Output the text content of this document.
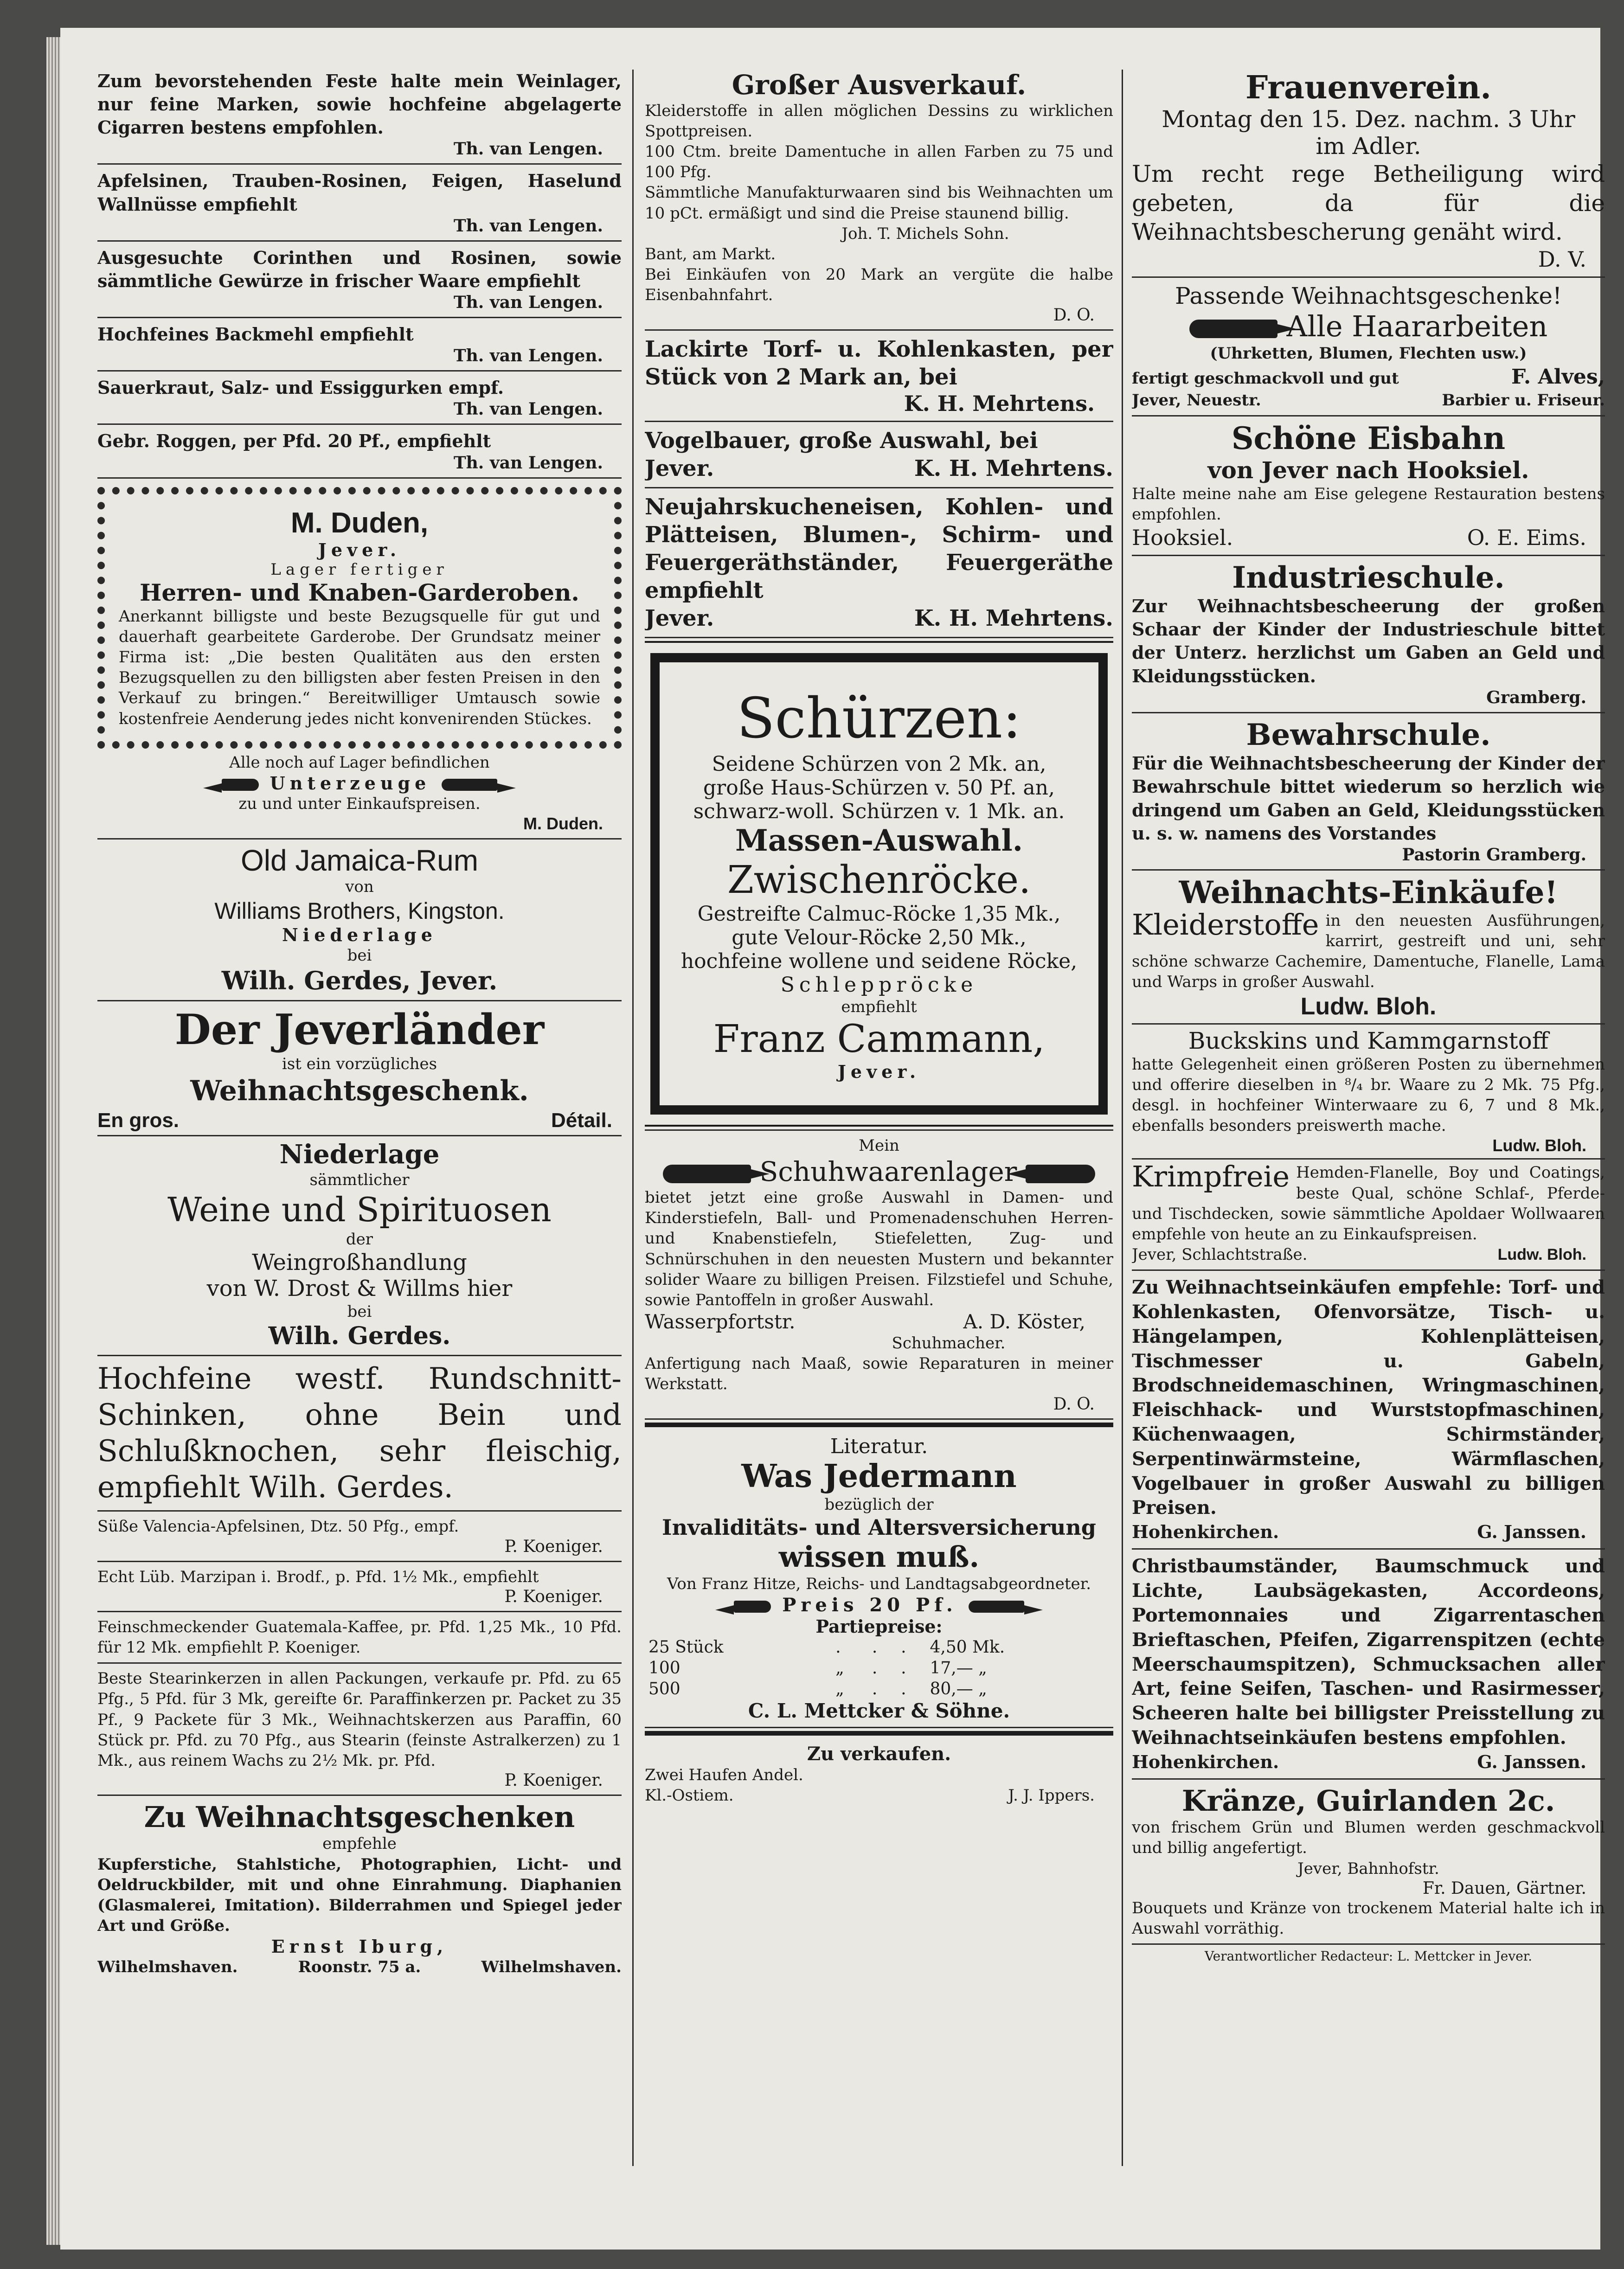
Zum bevorstehenden Feste halte mein Weinlager, nur feine Marken, sowie hochfeine abgelagerte Cigarren bestens empfohlen.

Th. van Lengen.

Apfelsinen, Trauben-Rosinen, Feigen, Haselund Wallnüsse empfiehlt

Th. van Lengen.

Ausgesuchte Corinthen und Rosinen, sowie sämmtliche Gewürze in frischer Waare empfiehlt

Th. van Lengen.

Hochfeines Backmehl empfiehlt

Th. van Lengen.

Sauerkraut, Salz- und Essiggurken empf.

Th. van Lengen.

Gebr. Roggen, per Pfd. 20 Pf., empfiehlt

Th. van Lengen.

M. Duden,

Jever.

Lager fertiger

Herren- und Knaben-Garderoben.

Anerkannt billigste und beste Bezugsquelle für gut und dauerhaft gearbeitete Garderobe. Der Grundsatz meiner Firma ist: „Die besten Qualitäten aus den ersten Bezugsquellen zu den billigsten aber festen Preisen in den Verkauf zu bringen.“ Bereitwilliger Umtausch sowie kostenfreie Aenderung jedes nicht konvenirenden Stückes.

Alle noch auf Lager befindlichen

Unterzeuge

zu und unter Einkaufspreisen.

M. Duden.

Old Jamaica-Rum

von

Williams Brothers, Kingston.

Niederlage

bei

Wilh. Gerdes, Jever.

Der Jeverländer

ist ein vorzügliches

Weihnachtsgeschenk.

En gros.	Détail.

Niederlage

sämmtlicher

Weine und Spirituosen

der

Weingroßhandlung

von W. Drost & Willms hier

bei

Wilh. Gerdes.

Hochfeine westf. Rundschnitt-Schinken, ohne Bein und Schlußknochen, sehr fleischig, empfiehlt Wilh. Gerdes.

Süße Valencia-Apfelsinen, Dtz. 50 Pfg., empf.

P. Koeniger.

Echt Lüb. Marzipan i. Brodf., p. Pfd. 1½ Mk., empfiehlt

P. Koeniger.

Feinschmeckender Guatemala-Kaffee, pr. Pfd. 1,25 Mk., 10 Pfd. für 12 Mk. empfiehlt P. Koeniger.

Beste Stearinkerzen in allen Packungen, verkaufe pr. Pfd. zu 65 Pfg., 5 Pfd. für 3 Mk, gereifte 6r. Paraffinkerzen pr. Packet zu 35 Pf., 9 Packete für 3 Mk., Weihnachtskerzen aus Paraffin, 60 Stück pr. Pfd. zu 70 Pfg., aus Stearin (feinste Astralkerzen) zu 1 Mk., aus reinem Wachs zu 2½ Mk. pr. Pfd.

P. Koeniger.

Zu Weihnachtsgeschenken

empfehle

Kupferstiche, Stahlstiche, Photographien, Licht- und Oeldruckbilder, mit und ohne Einrahmung. Diaphanien (Glasmalerei, Imitation). Bilderrahmen und Spiegel jeder Art und Größe.

Ernst Iburg,

Wilhelmshaven.	Roonstr. 75 a.	Wilhelmshaven.

Großer Ausverkauf.

Kleiderstoffe in allen möglichen Dessins zu wirklichen Spottpreisen.

100 Ctm. breite Damentuche in allen Farben zu 75 und 100 Pfg.

Sämmtliche Manufakturwaaren sind bis Weihnachten um 10 pCt. ermäßigt und sind die Preise staunend billig.

Joh. T. Michels Sohn.

Bant, am Markt.

Bei Einkäufen von 20 Mark an vergüte die halbe Eisenbahnfahrt.

D. O.

Lackirte Torf- u. Kohlenkasten, per Stück von 2 Mark an, bei

K. H. Mehrtens.

Vogelbauer, große Auswahl, bei

Jever.	K. H. Mehrtens.

Neujahrskucheneisen, Kohlen- und Plätteisen, Blumen-, Schirm- und Feuergeräthständer, Feuergeräthe empfiehlt

Jever.	K. H. Mehrtens.

Schürzen:

Seidene Schürzen von 2 Mk. an,

große Haus-Schürzen v. 50 Pf. an,

schwarz-woll. Schürzen v. 1 Mk. an.

Massen-Auswahl.

Zwischenröcke.

Gestreifte Calmuc-Röcke 1,35 Mk.,

gute Velour-Röcke 2,50 Mk.,

hochfeine wollene und seidene Röcke,

Schleppröcke

empfiehlt

Franz Cammann,

Jever.

Mein

Schuhwaarenlager

bietet jetzt eine große Auswahl in Damen- und Kinderstiefeln, Ball- und Promenadenschuhen Herren- und Knabenstiefeln, Stiefeletten, Zug- und Schnürschuhen in den neuesten Mustern und bekannter solider Waare zu billigen Preisen. Filzstiefel und Schuhe, sowie Pantoffeln in großer Auswahl.

Wasserpfortstr.	A. D. Köster,

Schuhmacher.

Anfertigung nach Maaß, sowie Reparaturen in meiner Werkstatt.

D. O.

Literatur.

Was Jedermann

bezüglich der

Invaliditäts- und Altersversicherung

wissen muß.

Von Franz Hitze, Reichs- und Landtagsabgeordneter.

Preis 20 Pf.

Partiepreise:

25 Stück	.	.	.	4,50 Mk.
100	„	.	.	17,— „
500	„	.	.	80,— „

C. L. Mettcker & Söhne.

Zu verkaufen.

Zwei Haufen Andel.

Kl.-Ostiem.	J. J. Ippers.

Frauenverein.

Montag den 15. Dez. nachm. 3 Uhr

im Adler.

Um recht rege Betheiligung wird gebeten, da für die Weihnachtsbescherung genäht wird.

D. V.

Passende Weihnachtsgeschenke!

Alle Haararbeiten

(Uhrketten, Blumen, Flechten usw.)

fertigt geschmackvoll und gut	F. Alves,
Jever, Neuestr.	Barbier u. Friseur.

Schöne Eisbahn

von Jever nach Hooksiel.

Halte meine nahe am Eise gelegene Restauration bestens empfohlen.

Hooksiel.	O. E. Eims.

Industrieschule.

Zur Weihnachtsbescheerung der großen Schaar der Kinder der Industrieschule bittet der Unterz. herzlichst um Gaben an Geld und Kleidungsstücken.

Gramberg.

Bewahrschule.

Für die Weihnachtsbescheerung der Kinder der Bewahrschule bittet wiederum so herzlich wie dringend um Gaben an Geld, Kleidungsstücken u. s. w. namens des Vorstandes

Pastorin Gramberg.

Weihnachts-Einkäufe!

Kleiderstoffe in den neuesten Ausführungen, karrirt, gestreift und uni, sehr schöne schwarze Cachemire, Damentuche, Flanelle, Lama und Warps in großer Auswahl.

Ludw. Bloh.

Buckskins und Kammgarnstoff

hatte Gelegenheit einen größeren Posten zu übernehmen und offerire dieselben in ⁸/₄ br. Waare zu 2 Mk. 75 Pfg., desgl. in hochfeiner Winterwaare zu 6, 7 und 8 Mk., ebenfalls besonders preiswerth mache.

Ludw. Bloh.

Krimpfreie Hemden-Flanelle, Boy und Coatings, beste Qual, schöne Schlaf-, Pferde- und Tischdecken, sowie sämmtliche Apoldaer Wollwaaren empfehle von heute an zu Einkaufspreisen.

Jever, Schlachtstraße.	Ludw. Bloh.

Zu Weihnachtseinkäufen empfehle: Torf- und Kohlenkasten, Ofenvorsätze, Tisch- u. Hängelampen, Kohlenplätteisen, Tischmesser u. Gabeln, Brodschneidemaschinen, Wringmaschinen, Fleischhack- und Wurststopfmaschinen, Küchenwaagen, Schirmständer, Serpentinwärmsteine, Wärmflaschen, Vogelbauer in großer Auswahl zu billigen Preisen.

Hohenkirchen.	G. Janssen.

Christbaumständer, Baumschmuck und Lichte, Laubsägekasten, Accordeons, Portemonnaies und Zigarrentaschen Brieftaschen, Pfeifen, Zigarrenspitzen (echte Meerschaumspitzen), Schmucksachen aller Art, feine Seifen, Taschen- und Rasirmesser, Scheeren halte bei billigster Preisstellung zu Weihnachtseinkäufen bestens empfohlen.

Hohenkirchen.	G. Janssen.

Kränze, Guirlanden 2c.

von frischem Grün und Blumen werden geschmackvoll und billig angefertigt.

Jever, Bahnhofstr.

Fr. Dauen, Gärtner.

Bouquets und Kränze von trockenem Material halte ich in Auswahl vorräthig.

Verantwortlicher Redacteur: L. Mettcker in Jever.
